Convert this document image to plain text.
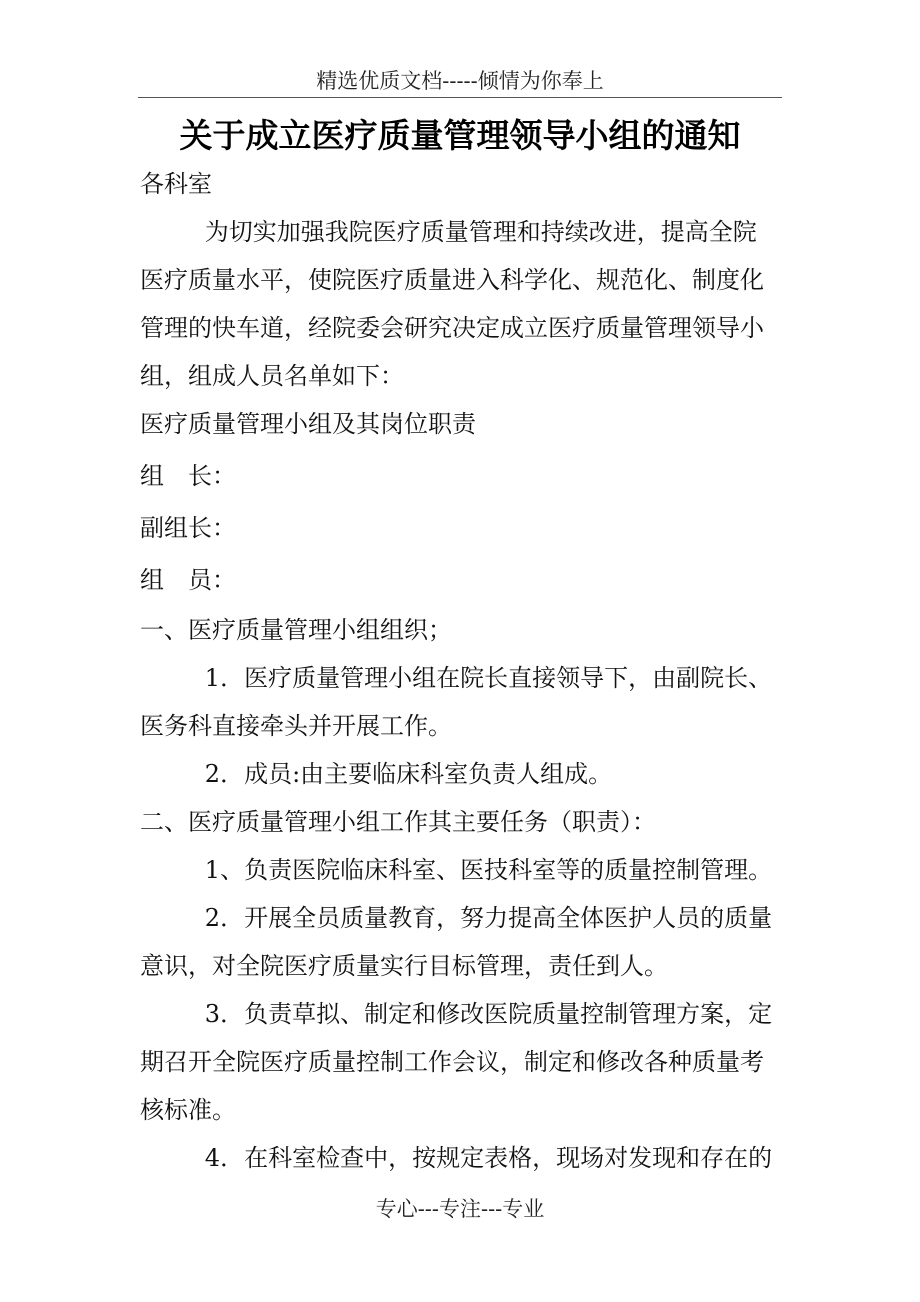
精选优质文档-----倾情为你奉上
关于成立医疗质量管理领导小组的通知

各科室

为切实加强我院医疗质量管理和持续改进，提高全院医疗质量水平，使院医疗质量进入科学化、规范化、制度化管理的快车道，经院委会研究决定成立医疗质量管理领导小组，组成人员名单如下：

医疗质量管理小组及其岗位职责

组　长：

副组长：

组　员：

一、医疗质量管理小组组织；

1．医疗质量管理小组在院长直接领导下，由副院长、医务科直接牵头并开展工作。

2．成员:由主要临床科室负责人组成。

二、医疗质量管理小组工作其主要任务（职责）：

1、负责医院临床科室、医技科室等的质量控制管理。

2．开展全员质量教育，努力提高全体医护人员的质量意识，对全院医疗质量实行目标管理，责任到人。

3．负责草拟、制定和修改医院质量控制管理方案，定期召开全院医疗质量控制工作会议，制定和修改各种质量考核标准。

4．在科室检查中，按规定表格，现场对发现和存在的

专心---专注---专业
